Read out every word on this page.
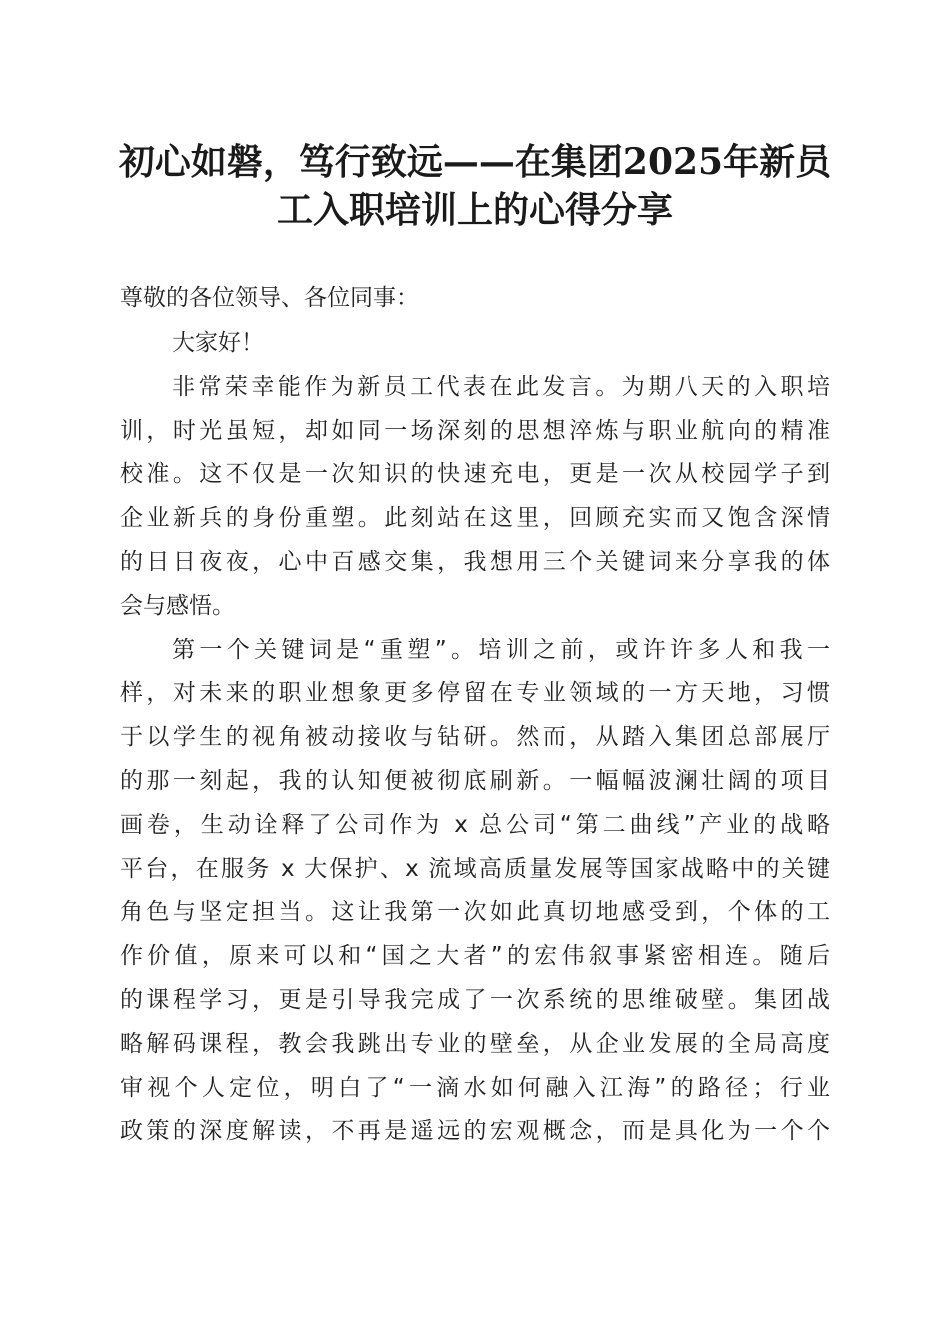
初心如磐，笃行致远——在集团2025年新员
工入职培训上的心得分享
尊敬的各位领导、各位同事：
大家好！
非常荣幸能作为新员工代表在此发言。为期八天的入职培
训，时光虽短，却如同一场深刻的思想淬炼与职业航向的精准
校准。这不仅是一次知识的快速充电，更是一次从校园学子到
企业新兵的身份重塑。此刻站在这里，回顾充实而又饱含深情
的日日夜夜，心中百感交集，我想用三个关键词来分享我的体
会与感悟。
第一个关键词是“重塑”。培训之前，或许许多人和我一
样，对未来的职业想象更多停留在专业领域的一方天地，习惯
于以学生的视角被动接收与钻研。然而，从踏入集团总部展厅
的那一刻起，我的认知便被彻底刷新。一幅幅波澜壮阔的项目
画卷，生动诠释了公司作为 x 总公司“第二曲线”产业的战略
平台，在服务 x 大保护、x 流域高质量发展等国家战略中的关键
角色与坚定担当。这让我第一次如此真切地感受到，个体的工
作价值，原来可以和“国之大者”的宏伟叙事紧密相连。随后
的课程学习，更是引导我完成了一次系统的思维破壁。集团战
略解码课程，教会我跳出专业的壁垒，从企业发展的全局高度
审视个人定位，明白了“一滴水如何融入江海”的路径；行业
政策的深度解读，不再是遥远的宏观概念，而是具化为一个个
